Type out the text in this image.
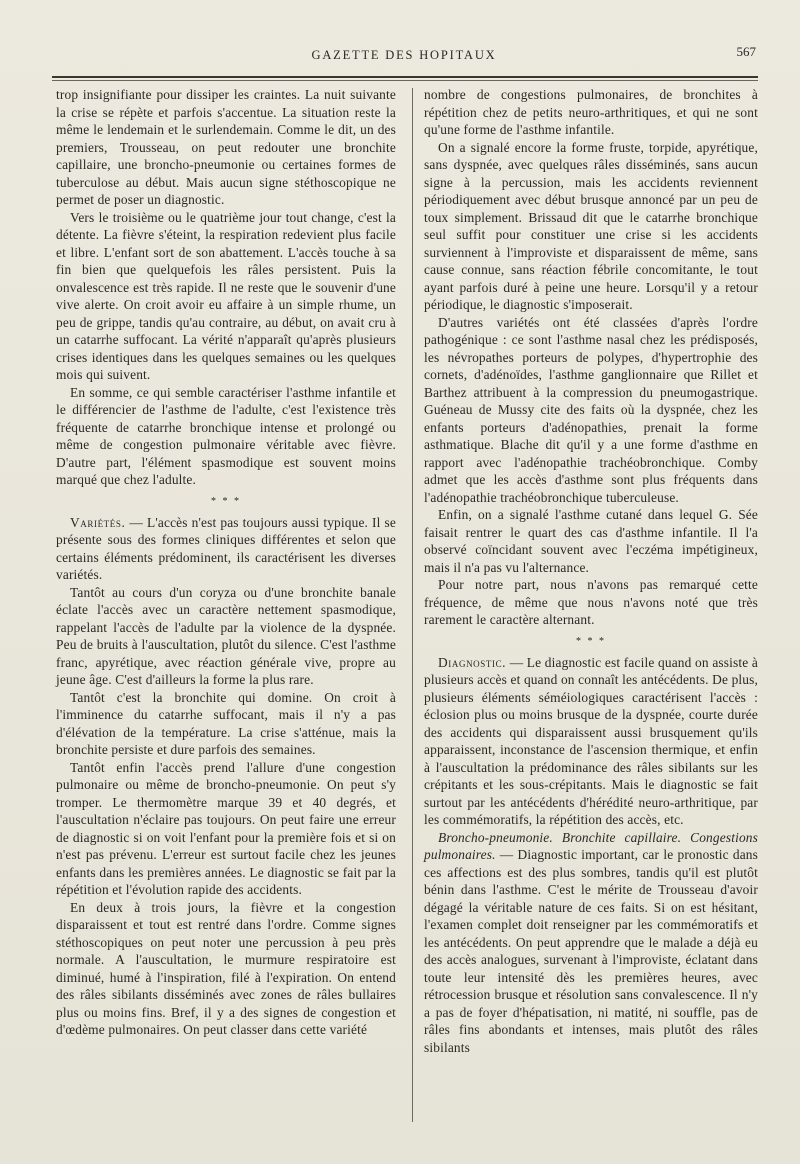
GAZETTE DES HOPITAUX	567

trop insignifiante pour dissiper les craintes. La nuit suivante la crise se répète et parfois s'accentue. La situation reste la même le lendemain et le surlendemain. Comme le dit, un des premiers, Trousseau, on peut redouter une bronchite capillaire, une broncho-pneumonie ou certaines formes de tuberculose au début. Mais aucun signe stéthoscopique ne permet de poser un diagnostic.

Vers le troisième ou le quatrième jour tout change, c'est la détente. La fièvre s'éteint, la respiration redevient plus facile et libre. L'enfant sort de son abattement. L'accès touche à sa fin bien que quelquefois les râles persistent. Puis la onvalescence est très rapide. Il ne reste que le souvenir d'une vive alerte. On croit avoir eu affaire à un simple rhume, un peu de grippe, tandis qu'au contraire, au début, on avait cru à un catarrhe suffocant. La vérité n'apparaît qu'après plusieurs crises identiques dans les quelques semaines ou les quelques mois qui suivent.

En somme, ce qui semble caractériser l'asthme infantile et le différencier de l'asthme de l'adulte, c'est l'existence très fréquente de catarrhe bronchique intense et prolongé ou même de congestion pulmonaire véritable avec fièvre. D'autre part, l'élément spasmodique est souvent moins marqué que chez l'adulte.

* * *

Variétés. — L'accès n'est pas toujours aussi typique. Il se présente sous des formes cliniques différentes et selon que certains éléments prédominent, ils caractérisent les diverses variétés.

Tantôt au cours d'un coryza ou d'une bronchite banale éclate l'accès avec un caractère nettement spasmodique, rappelant l'accès de l'adulte par la violence de la dyspnée. Peu de bruits à l'auscultation, plutôt du silence. C'est l'asthme franc, apyrétique, avec réaction générale vive, propre au jeune âge. C'est d'ailleurs la forme la plus rare.

Tantôt c'est la bronchite qui domine. On croit à l'imminence du catarrhe suffocant, mais il n'y a pas d'élévation de la température. La crise s'atténue, mais la bronchite persiste et dure parfois des semaines.

Tantôt enfin l'accès prend l'allure d'une congestion pulmonaire ou même de broncho-pneumonie. On peut s'y tromper. Le thermomètre marque 39 et 40 degrés, et l'auscultation n'éclaire pas toujours. On peut faire une erreur de diagnostic si on voit l'enfant pour la première fois et si on n'est pas prévenu. L'erreur est surtout facile chez les jeunes enfants dans les premières années. Le diagnostic se fait par la répétition et l'évolution rapide des accidents.

En deux à trois jours, la fièvre et la congestion disparaissent et tout est rentré dans l'ordre. Comme signes stéthoscopiques on peut noter une percussion à peu près normale. A l'auscultation, le murmure respiratoire est diminué, humé à l'inspiration, filé à l'expiration. On entend des râles sibilants disséminés avec zones de râles bullaires plus ou moins fins. Bref, il y a des signes de congestion et d'œdème pulmonaires. On peut classer dans cette variété

nombre de congestions pulmonaires, de bronchites à répétition chez de petits neuro-arthritiques, et qui ne sont qu'une forme de l'asthme infantile.

On a signalé encore la forme fruste, torpide, apyrétique, sans dyspnée, avec quelques râles disséminés, sans aucun signe à la percussion, mais les accidents reviennent périodiquement avec début brusque annoncé par un peu de toux simplement. Brissaud dit que le catarrhe bronchique seul suffit pour constituer une crise si les accidents surviennent à l'improviste et disparaissent de même, sans cause connue, sans réaction fébrile concomitante, le tout ayant parfois duré à peine une heure. Lorsqu'il y a retour périodique, le diagnostic s'imposerait.

D'autres variétés ont été classées d'après l'ordre pathogénique : ce sont l'asthme nasal chez les prédisposés, les névropathes porteurs de polypes, d'hypertrophie des cornets, d'adénoïdes, l'asthme ganglionnaire que Rillet et Barthez attribuent à la compression du pneumogastrique. Guéneau de Mussy cite des faits où la dyspnée, chez les enfants porteurs d'adénopathies, prenait la forme asthmatique. Blache dit qu'il y a une forme d'asthme en rapport avec l'adénopathie trachéobronchique. Comby admet que les accès d'asthme sont plus fréquents dans l'adénopathie trachéobronchique tuberculeuse.

Enfin, on a signalé l'asthme cutané dans lequel G. Sée faisait rentrer le quart des cas d'asthme infantile. Il l'a observé coïncidant souvent avec l'eczéma impétigineux, mais il n'a pas vu l'alternance.

Pour notre part, nous n'avons pas remarqué cette fréquence, de même que nous n'avons noté que très rarement le caractère alternant.

* * *

Diagnostic. — Le diagnostic est facile quand on assiste à plusieurs accès et quand on connaît les antécédents. De plus, plusieurs éléments séméiologiques caractérisent l'accès : éclosion plus ou moins brusque de la dyspnée, courte durée des accidents qui disparaissent aussi brusquement qu'ils apparaissent, inconstance de l'ascension thermique, et enfin à l'auscultation la prédominance des râles sibilants sur les crépitants et les sous-crépitants. Mais le diagnostic se fait surtout par les antécédents d'hérédité neuro-arthritique, par les commémoratifs, la répétition des accès, etc.

Broncho-pneumonie. Bronchite capillaire. Congestions pulmonaires. — Diagnostic important, car le pronostic dans ces affections est des plus sombres, tandis qu'il est plutôt bénin dans l'asthme. C'est le mérite de Trousseau d'avoir dégagé la véritable nature de ces faits. Si on est hésitant, l'examen complet doit renseigner par les commémoratifs et les antécédents. On peut apprendre que le malade a déjà eu des accès analogues, survenant à l'improviste, éclatant dans toute leur intensité dès les premières heures, avec rétrocession brusque et résolution sans convalescence. Il n'y a pas de foyer d'hépatisation, ni matité, ni souffle, pas de râles fins abondants et intenses, mais plutôt des râles sibilants
